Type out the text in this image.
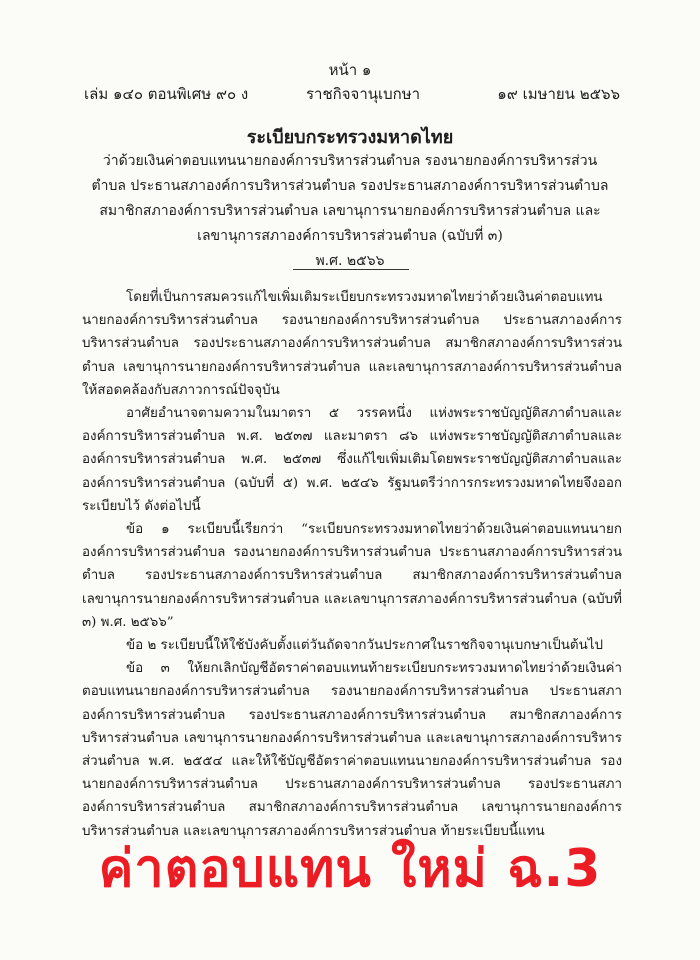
หน้า ๑
เล่ม ๑๔๐ ตอนพิเศษ ๙๐ ง	ราชกิจจานุเบกษา	๑๙ เมษายน ๒๕๖๖
ระเบียบกระทรวงมหาดไทย
ว่าด้วยเงินค่าตอบแทนนายกองค์การบริหารส่วนตำบล รองนายกองค์การบริหารส่วนตำบล ประธานสภาองค์การบริหารส่วนตำบล รองประธานสภาองค์การบริหารส่วนตำบล สมาชิกสภาองค์การบริหารส่วนตำบล เลขานุการนายกองค์การบริหารส่วนตำบล และเลขานุการสภาองค์การบริหารส่วนตำบล (ฉบับที่ ๓)
พ.ศ. ๒๕๖๖

โดยที่เป็นการสมควรแก้ไขเพิ่มเติมระเบียบกระทรวงมหาดไทยว่าด้วยเงินค่าตอบแทนนายกองค์การบริหารส่วนตำบล รองนายกองค์การบริหารส่วนตำบล ประธานสภาองค์การบริหารส่วนตำบล รองประธานสภาองค์การบริหารส่วนตำบล สมาชิกสภาองค์การบริหารส่วนตำบล เลขานุการนายกองค์การบริหารส่วนตำบล และเลขานุการสภาองค์การบริหารส่วนตำบล ให้สอดคล้องกับสภาวการณ์ปัจจุบัน

อาศัยอำนาจตามความในมาตรา ๕ วรรคหนึ่ง แห่งพระราชบัญญัติสภาตำบลและองค์การบริหารส่วนตำบล พ.ศ. ๒๕๓๗ และมาตรา ๘๖ แห่งพระราชบัญญัติสภาตำบลและองค์การบริหารส่วนตำบล พ.ศ. ๒๕๓๗ ซึ่งแก้ไขเพิ่มเติมโดยพระราชบัญญัติสภาตำบลและองค์การบริหารส่วนตำบล (ฉบับที่ ๕) พ.ศ. ๒๕๔๖ รัฐมนตรีว่าการกระทรวงมหาดไทยจึงออกระเบียบไว้ ดังต่อไปนี้

ข้อ ๑ ระเบียบนี้เรียกว่า “ระเบียบกระทรวงมหาดไทยว่าด้วยเงินค่าตอบแทนนายกองค์การบริหารส่วนตำบล รองนายกองค์การบริหารส่วนตำบล ประธานสภาองค์การบริหารส่วนตำบล รองประธานสภาองค์การบริหารส่วนตำบล สมาชิกสภาองค์การบริหารส่วนตำบล เลขานุการนายกองค์การบริหารส่วนตำบล และเลขานุการสภาองค์การบริหารส่วนตำบล (ฉบับที่ ๓) พ.ศ. ๒๕๖๖”

ข้อ ๒ ระเบียบนี้ให้ใช้บังคับตั้งแต่วันถัดจากวันประกาศในราชกิจจานุเบกษาเป็นต้นไป

ข้อ ๓ ให้ยกเลิกบัญชีอัตราค่าตอบแทนท้ายระเบียบกระทรวงมหาดไทยว่าด้วยเงินค่าตอบแทนนายกองค์การบริหารส่วนตำบล รองนายกองค์การบริหารส่วนตำบล ประธานสภาองค์การบริหารส่วนตำบล รองประธานสภาองค์การบริหารส่วนตำบล สมาชิกสภาองค์การบริหารส่วนตำบล เลขานุการนายกองค์การบริหารส่วนตำบล และเลขานุการสภาองค์การบริหารส่วนตำบล พ.ศ. ๒๕๕๔ และให้ใช้บัญชีอัตราค่าตอบแทนนายกองค์การบริหารส่วนตำบล รองนายกองค์การบริหารส่วนตำบล ประธานสภาองค์การบริหารส่วนตำบล รองประธานสภาองค์การบริหารส่วนตำบล สมาชิกสภาองค์การบริหารส่วนตำบล เลขานุการนายกองค์การบริหารส่วนตำบล และเลขานุการสภาองค์การบริหารส่วนตำบล ท้ายระเบียบนี้แทน

ค่าตอบแทน ใหม่ ฉ.3
